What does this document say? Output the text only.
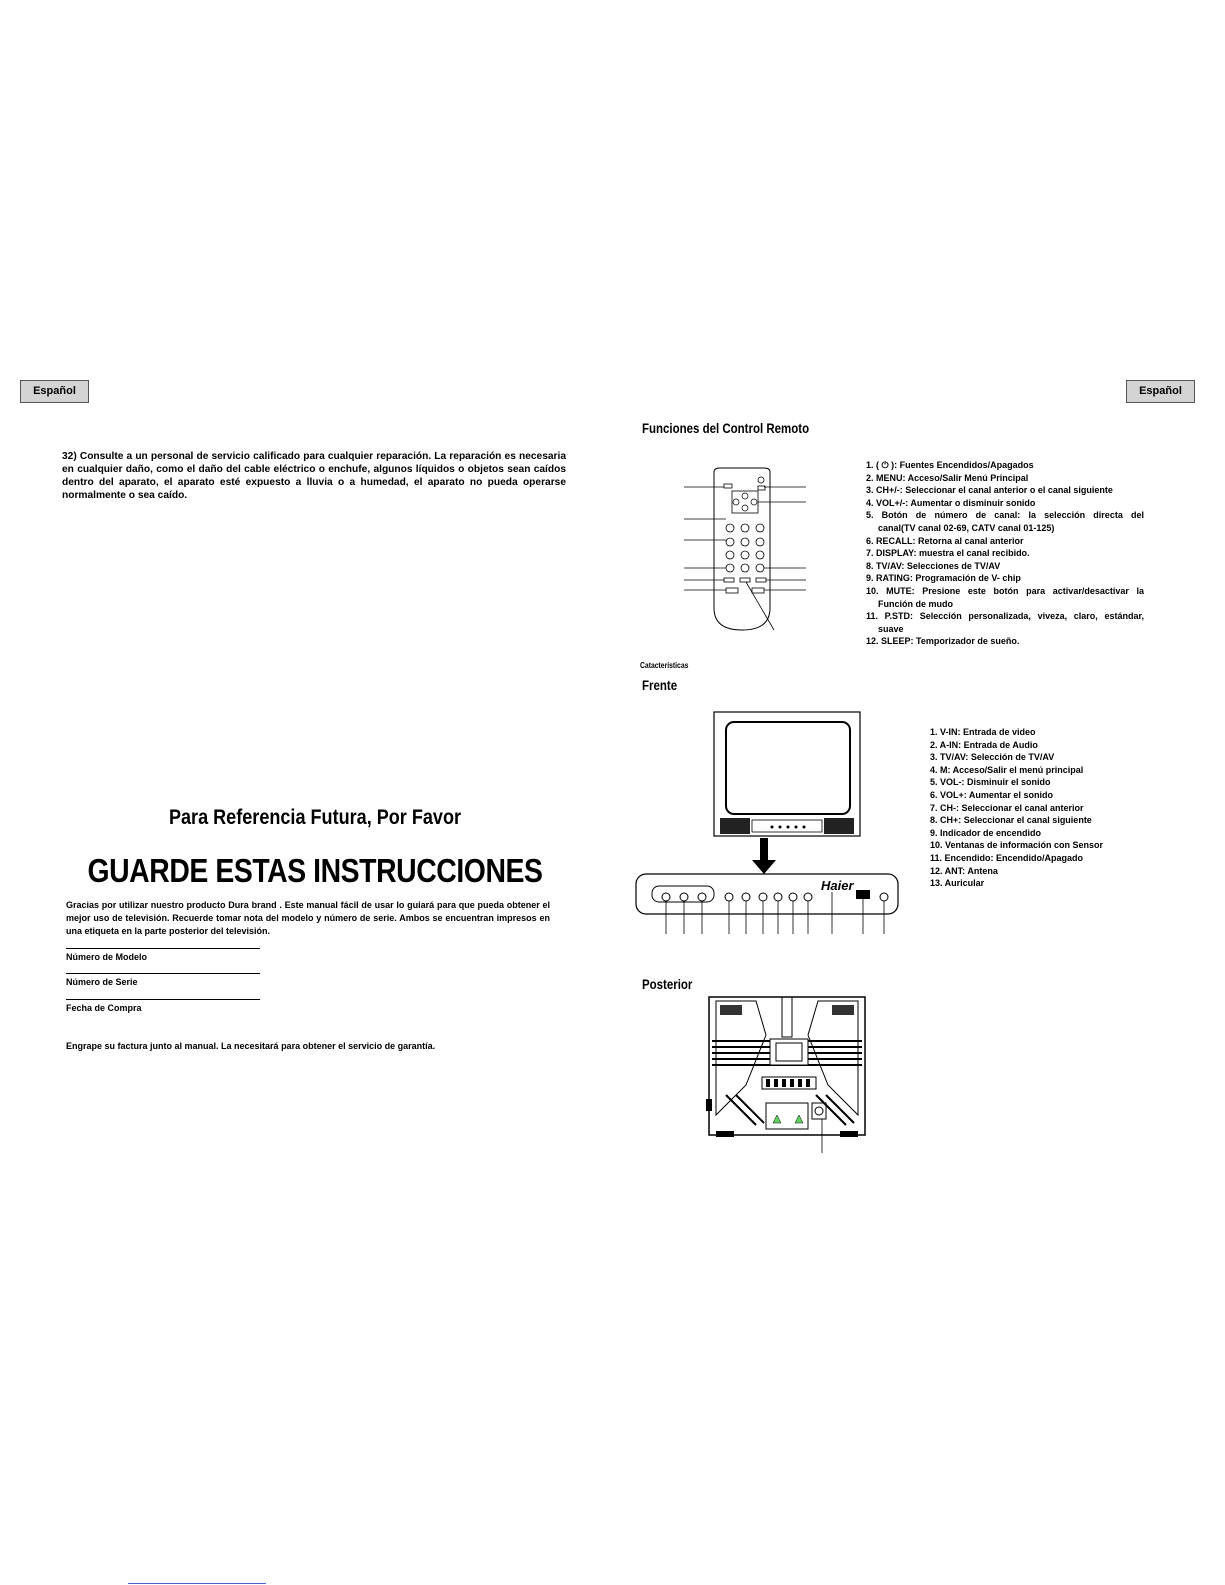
Español	Español
32) Consulte a un personal de servicio calificado para cualquier reparación. La reparación es necesaria en cualquier daño, como el daño del cable eléctrico o enchufe, algunos líquidos o objetos sean caídos dentro del aparato, el aparato esté expuesto a lluvia o a humedad, el aparato no pueda operarse normalmente o sea caído.
Para Referencia Futura, Por Favor
GUARDE ESTAS INSTRUCCIONES
Gracias por utilizar nuestro producto Dura brand . Este manual fácil de usar lo guiará para que pueda obtener el mejor uso de televisión. Recuerde tomar nota del modelo y número de serie. Ambos se encuentran impresos en una etiqueta en la parte posterior del televisión.
Número de Modelo
Número de Serie
Fecha de Compra
Engrape su factura junto al manual. La necesitará para obtener el servicio de garantía.
Funciones del Control Remoto
1. ( ⏻ ): Fuentes Encendidos/Apagados
2. MENU: Acceso/Salir Menú Principal
3. CH+/-: Seleccionar el canal anterior o el canal siguiente
4. VOL+/-: Aumentar o disminuir sonido
5. Botón de número de canal: la selección directa del
canal(TV canal 02-69, CATV canal 01-125)
6. RECALL: Retorna al canal anterior
7. DISPLAY: muestra el canal recibido.
8. TV/AV: Selecciones de TV/AV
9. RATING: Programación de V- chip
10. MUTE: Presione este botón para activar/desactivar la
Función de mudo
11. P.STD: Selección personalizada, viveza, claro, estándar,
suave
12. SLEEP: Temporizador de sueño.
Catacterísticas
Frente
Haier
1. V-IN: Entrada de video
2. A-IN: Entrada de Audio
3. TV/AV: Selección de TV/AV
4. M: Acceso/Salir el menú principal
5. VOL-: Disminuir el sonido
6. VOL+: Aumentar el sonido
7. CH-: Seleccionar el canal anterior
8. CH+: Seleccionar el canal siguiente
9. Indicador de encendido
10. Ventanas de información con Sensor
11. Encendido: Encendido/Apagado
12. ANT: Antena
13. Auricular
Posterior
